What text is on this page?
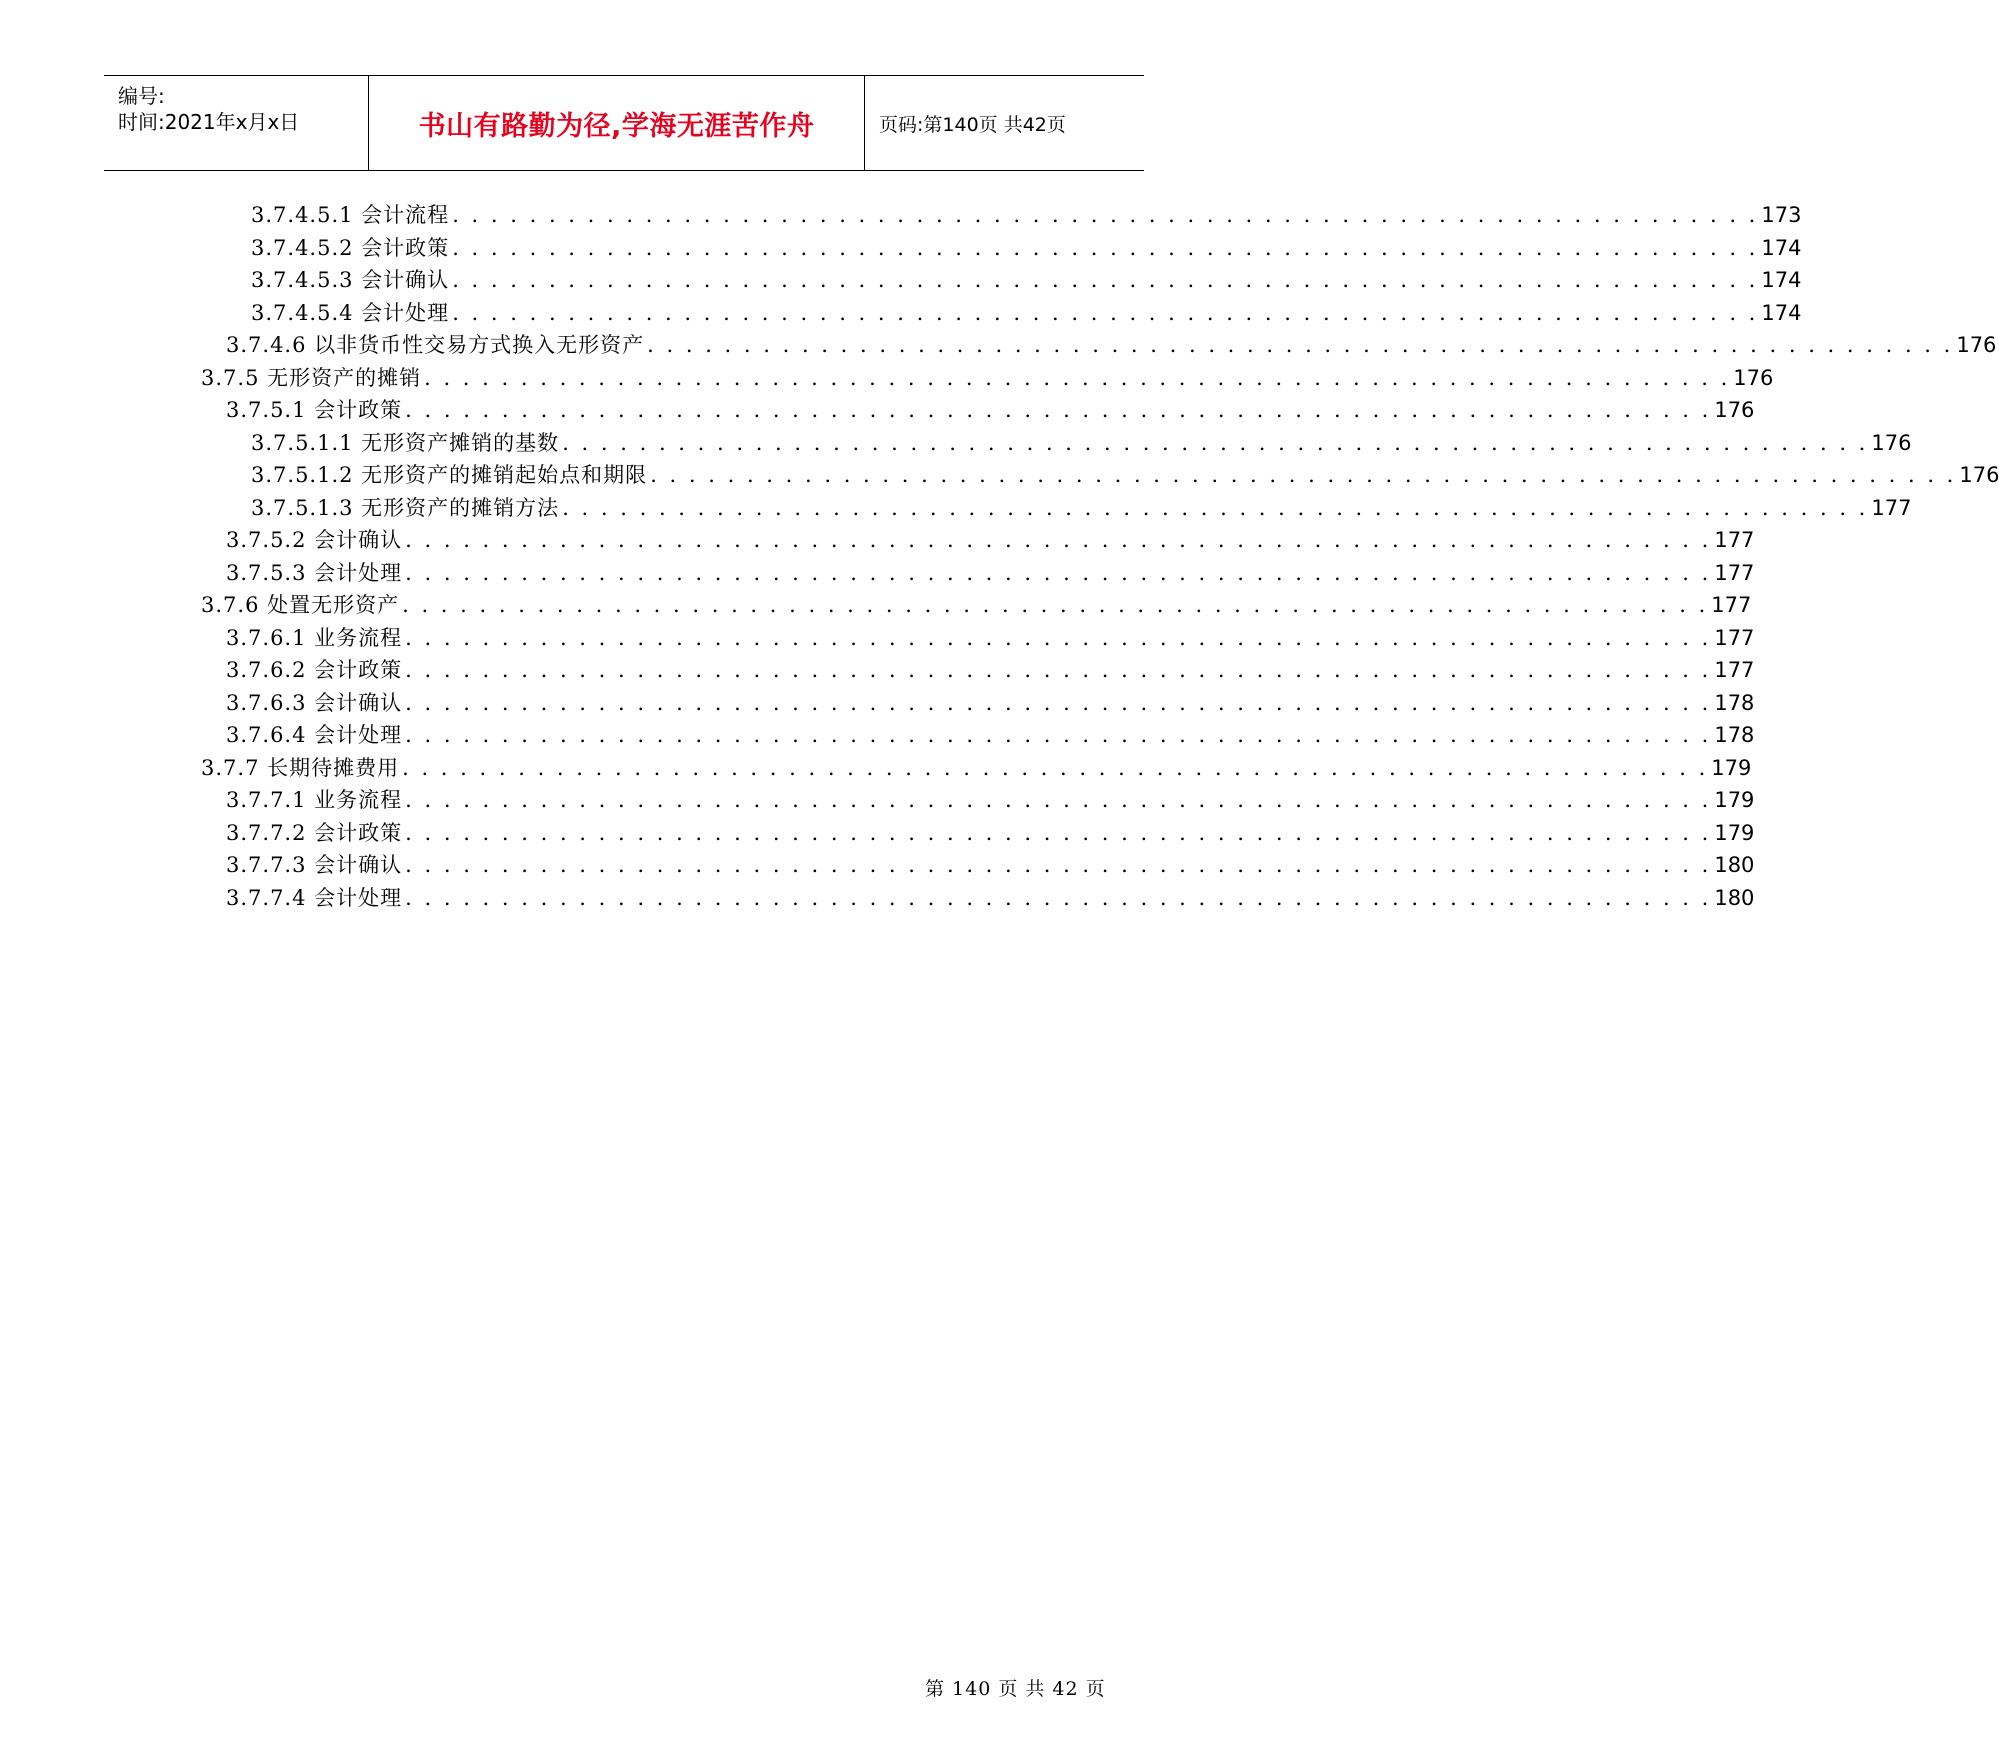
编号:
时间:2021年x月x日	书山有路勤为径,学海无涯苦作舟	页码:第140页 共42页
3.7.4.5.1 会计流程 . . . . . . . . . . . . . . . . . . . . . . . . . . . . . . . . . . . . . . . . . . . . . . . . . . . . . . . . . . . . . . . . . . . . 173
3.7.4.5.2 会计政策 . . . . . . . . . . . . . . . . . . . . . . . . . . . . . . . . . . . . . . . . . . . . . . . . . . . . . . . . . . . . . . . . . . . . 174
3.7.4.5.3 会计确认 . . . . . . . . . . . . . . . . . . . . . . . . . . . . . . . . . . . . . . . . . . . . . . . . . . . . . . . . . . . . . . . . . . . . 174
3.7.4.5.4 会计处理 . . . . . . . . . . . . . . . . . . . . . . . . . . . . . . . . . . . . . . . . . . . . . . . . . . . . . . . . . . . . . . . . . . . . 174
3.7.4.6 以非货币性交易方式换入无形资产 . . . . . . . . . . . . . . . . . . . . . . . . . . . . . . . . . . . . . . . . . . . . . . . . . . . . . . . . . . . . . . . . . . . . 176
3.7.5 无形资产的摊销 . . . . . . . . . . . . . . . . . . . . . . . . . . . . . . . . . . . . . . . . . . . . . . . . . . . . . . . . . . . . . . . . . . . . 176
3.7.5.1 会计政策 . . . . . . . . . . . . . . . . . . . . . . . . . . . . . . . . . . . . . . . . . . . . . . . . . . . . . . . . . . . . . . . . . . . . 176
3.7.5.1.1 无形资产摊销的基数 . . . . . . . . . . . . . . . . . . . . . . . . . . . . . . . . . . . . . . . . . . . . . . . . . . . . . . . . . . . . . . . . . . . . 176
3.7.5.1.2 无形资产的摊销起始点和期限 . . . . . . . . . . . . . . . . . . . . . . . . . . . . . . . . . . . . . . . . . . . . . . . . . . . . . . . . . . . . . . . . . . . . 176
3.7.5.1.3 无形资产的摊销方法 . . . . . . . . . . . . . . . . . . . . . . . . . . . . . . . . . . . . . . . . . . . . . . . . . . . . . . . . . . . . . . . . . . . . 177
3.7.5.2 会计确认 . . . . . . . . . . . . . . . . . . . . . . . . . . . . . . . . . . . . . . . . . . . . . . . . . . . . . . . . . . . . . . . . . . . . 177
3.7.5.3 会计处理 . . . . . . . . . . . . . . . . . . . . . . . . . . . . . . . . . . . . . . . . . . . . . . . . . . . . . . . . . . . . . . . . . . . . 177
3.7.6 处置无形资产 . . . . . . . . . . . . . . . . . . . . . . . . . . . . . . . . . . . . . . . . . . . . . . . . . . . . . . . . . . . . . . . . . . . . 177
3.7.6.1 业务流程 . . . . . . . . . . . . . . . . . . . . . . . . . . . . . . . . . . . . . . . . . . . . . . . . . . . . . . . . . . . . . . . . . . . . 177
3.7.6.2 会计政策 . . . . . . . . . . . . . . . . . . . . . . . . . . . . . . . . . . . . . . . . . . . . . . . . . . . . . . . . . . . . . . . . . . . . 177
3.7.6.3 会计确认 . . . . . . . . . . . . . . . . . . . . . . . . . . . . . . . . . . . . . . . . . . . . . . . . . . . . . . . . . . . . . . . . . . . . 178
3.7.6.4 会计处理 . . . . . . . . . . . . . . . . . . . . . . . . . . . . . . . . . . . . . . . . . . . . . . . . . . . . . . . . . . . . . . . . . . . . 178
3.7.7 长期待摊费用 . . . . . . . . . . . . . . . . . . . . . . . . . . . . . . . . . . . . . . . . . . . . . . . . . . . . . . . . . . . . . . . . . . . . 179
3.7.7.1 业务流程 . . . . . . . . . . . . . . . . . . . . . . . . . . . . . . . . . . . . . . . . . . . . . . . . . . . . . . . . . . . . . . . . . . . . 179
3.7.7.2 会计政策 . . . . . . . . . . . . . . . . . . . . . . . . . . . . . . . . . . . . . . . . . . . . . . . . . . . . . . . . . . . . . . . . . . . . 179
3.7.7.3 会计确认 . . . . . . . . . . . . . . . . . . . . . . . . . . . . . . . . . . . . . . . . . . . . . . . . . . . . . . . . . . . . . . . . . . . . 180
3.7.7.4 会计处理 . . . . . . . . . . . . . . . . . . . . . . . . . . . . . . . . . . . . . . . . . . . . . . . . . . . . . . . . . . . . . . . . . . . . 180
第 140 页 共 42 页
